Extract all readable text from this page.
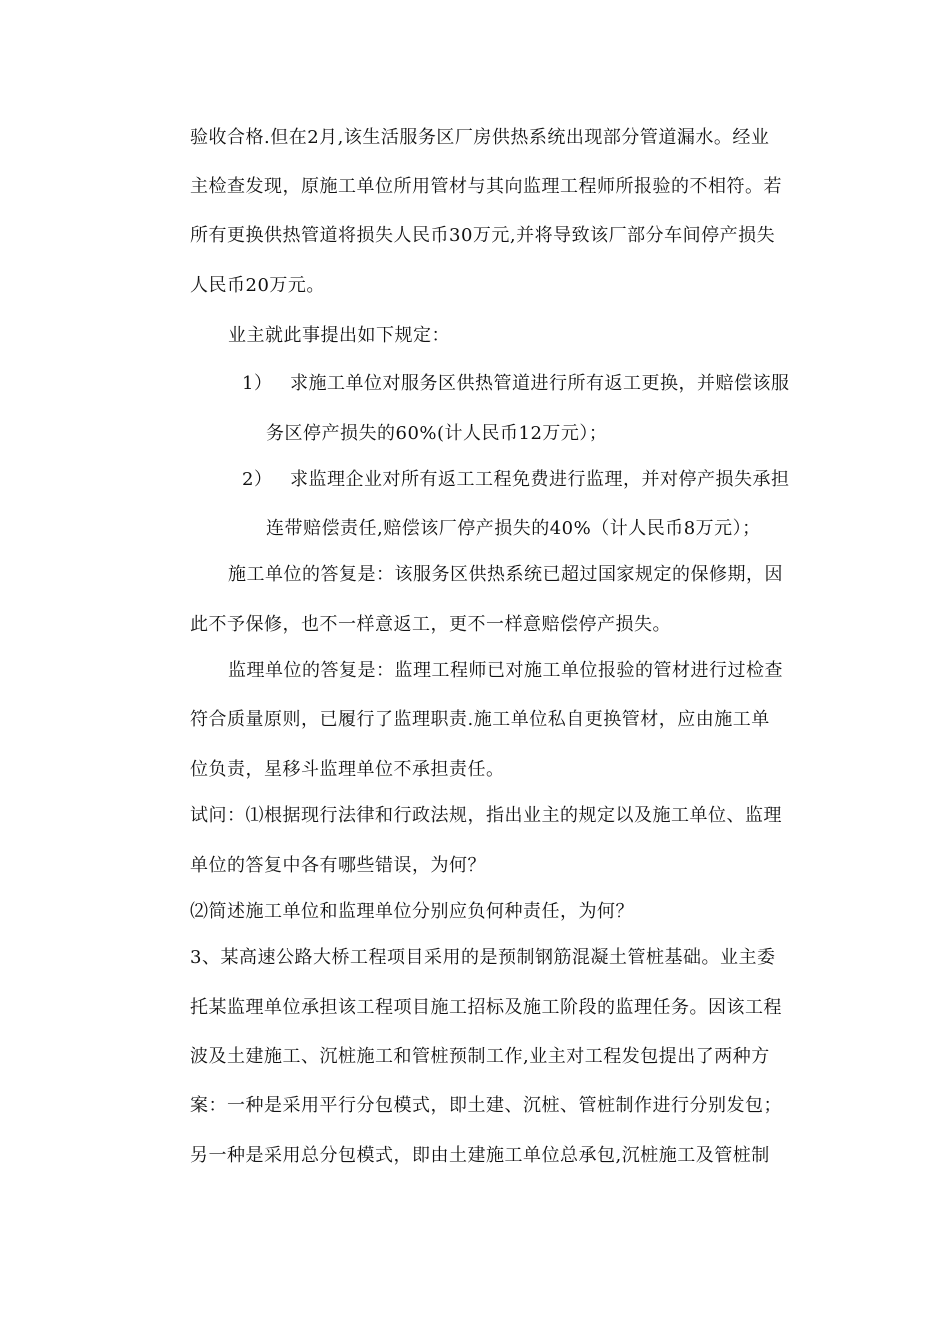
验收合格.但在2月,该生活服务区厂房供热系统出现部分管道漏水。经业
主检查发现，原施工单位所用管材与其向监理工程师所报验的不相符。若
所有更换供热管道将损失人民币30万元,并将导致该厂部分车间停产损失
人民币20万元。
业主就此事提出如下规定：
1） 求施工单位对服务区供热管道进行所有返工更换，并赔偿该服
务区停产损失的60%(计人民币12万元）；
2） 求监理企业对所有返工工程免费进行监理，并对停产损失承担
连带赔偿责任,赔偿该厂停产损失的40%（计人民币8万元）；
施工单位的答复是：该服务区供热系统已超过国家规定的保修期，因
此不予保修，也不一样意返工，更不一样意赔偿停产损失。
监理单位的答复是：监理工程师已对施工单位报验的管材进行过检查
符合质量原则，已履行了监理职责.施工单位私自更换管材，应由施工单
位负责，星移斗监理单位不承担责任。
试问：⑴根据现行法律和行政法规，指出业主的规定以及施工单位、监理
单位的答复中各有哪些错误，为何？
⑵简述施工单位和监理单位分别应负何种责任，为何？
3、某高速公路大桥工程项目采用的是预制钢筋混凝土管桩基础。业主委
托某监理单位承担该工程项目施工招标及施工阶段的监理任务。因该工程
波及土建施工、沉桩施工和管桩预制工作,业主对工程发包提出了两种方
案：一种是采用平行分包模式，即土建、沉桩、管桩制作进行分别发包；
另一种是采用总分包模式，即由土建施工单位总承包,沉桩施工及管桩制
